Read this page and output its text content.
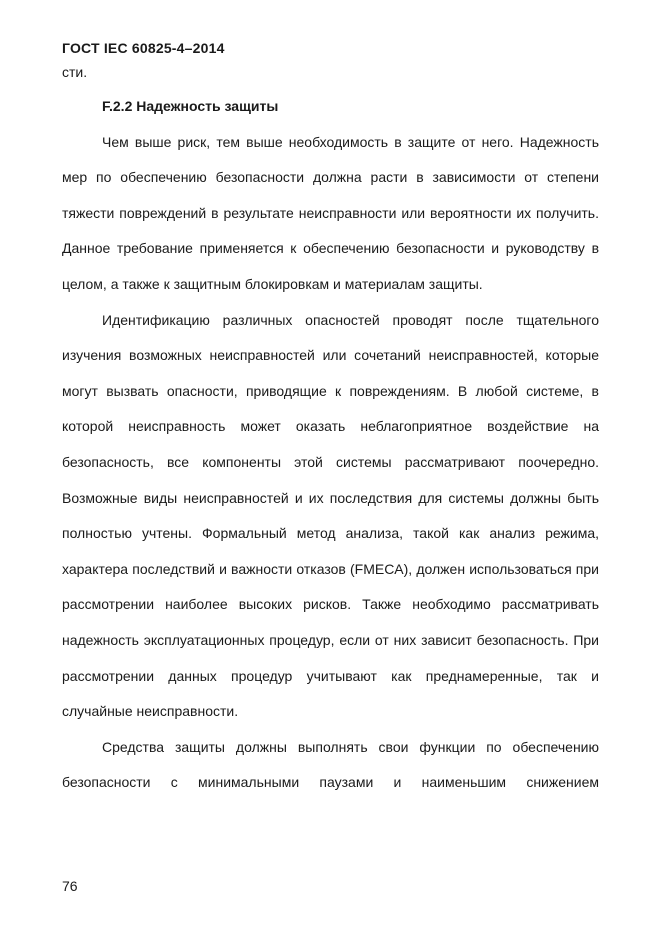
ГОСТ IEC 60825-4–2014

сти.

F.2.2 Надежность защиты

Чем выше риск, тем выше необходимость в защите от него. Надежность мер по обеспечению безопасности должна расти в зависимости от степени тяжести повреждений в результате неисправности или вероятности их получить. Данное требование применяется к обеспечению безопасности и руководству в целом, а также к защитным блокировкам и материалам защиты.

Идентификацию различных опасностей проводят после тщательного изучения возможных неисправностей или сочетаний неисправностей, которые могут вызвать опасности, приводящие к повреждениям. В любой системе, в которой неисправность может оказать неблагоприятное воздействие на безопасность, все компоненты этой системы рассматривают поочередно. Возможные виды неисправностей и их последствия для системы должны быть полностью учтены. Формальный метод анализа, такой как анализ режима, характера последствий и важности отказов (FMECA), должен использоваться при рассмотрении наиболее высоких рисков. Также необходимо рассматривать надежность эксплуатационных процедур, если от них зависит безопасность. При рассмотрении данных процедур учитывают как преднамеренные, так и случайные неисправности.

Средства защиты должны выполнять свои функции по обеспечению безопасности с минимальными паузами и наименьшим снижением

76
